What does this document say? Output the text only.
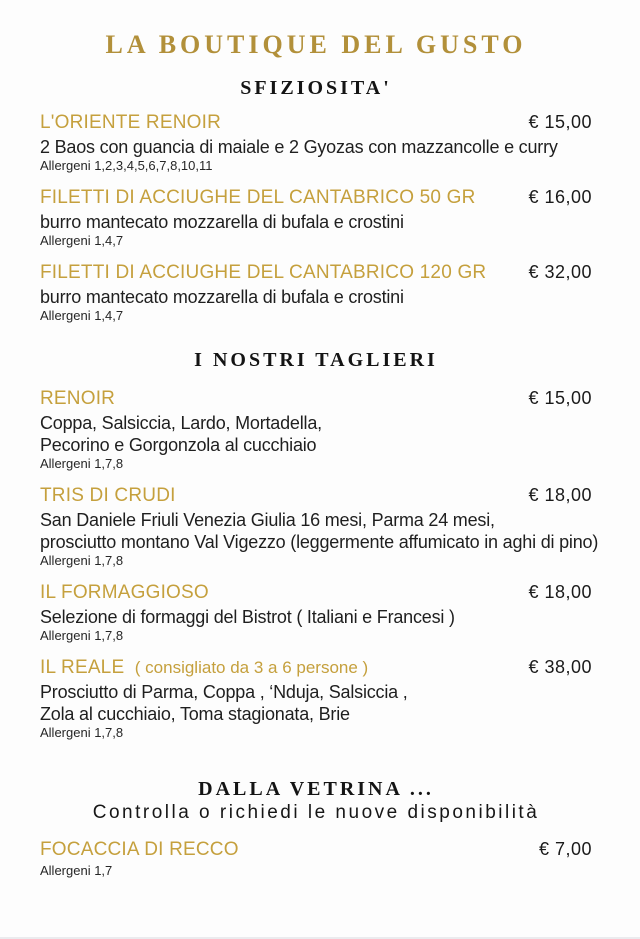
LA BOUTIQUE DEL GUSTO
SFIZIOSITA'
L'ORIENTE RENOIR	€ 15,00
2 Baos con guancia di maiale e 2 Gyozas con mazzancolle e curry
Allergeni 1,2,3,4,5,6,7,8,10,11
FILETTI DI ACCIUGHE DEL CANTABRICO 50 GR	€ 16,00
burro mantecato mozzarella di bufala e crostini
Allergeni 1,4,7
FILETTI DI ACCIUGHE DEL CANTABRICO 120 GR € 32,00
burro mantecato mozzarella di bufala e crostini
Allergeni 1,4,7
I NOSTRI TAGLIERI
RENOIR	€ 15,00
Coppa, Salsiccia, Lardo, Mortadella,
Pecorino e Gorgonzola al cucchiaio
Allergeni 1,7,8
TRIS DI CRUDI	€ 18,00
San Daniele Friuli Venezia Giulia 16 mesi, Parma 24 mesi,
prosciutto montano Val Vigezzo (leggermente affumicato in aghi di pino)
Allergeni 1,7,8
IL FORMAGGIOSO	€ 18,00
Selezione di formaggi del Bistrot ( Italiani e Francesi )
Allergeni 1,7,8
IL REALE ( consigliato da 3 a 6 persone )	€ 38,00
Prosciutto di Parma, Coppa , ‘Nduja, Salsiccia ,
Zola al cucchiaio, Toma stagionata, Brie
Allergeni 1,7,8
DALLA VETRINA ...
Controlla o richiedi le nuove disponibilità
FOCACCIA DI RECCO	€ 7,00
Allergeni 1,7
